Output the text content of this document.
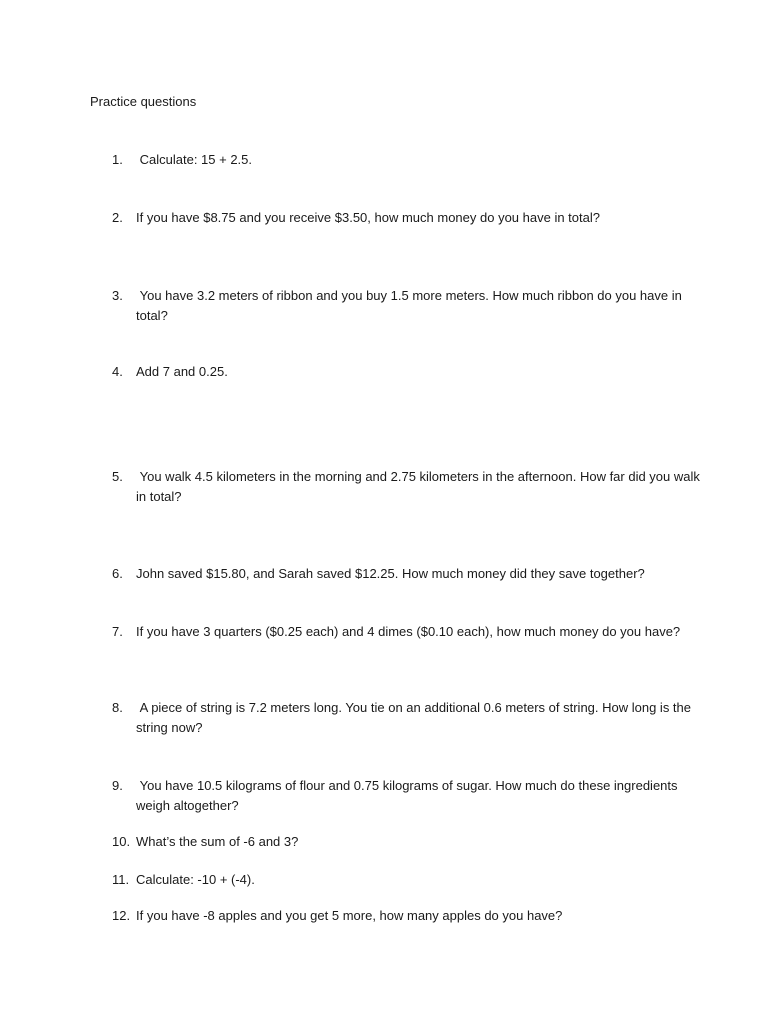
Practice questions
1.	Calculate: 15 + 2.5.
2.	If you have $8.75 and you receive $3.50, how much money do you have in total?
3.	You have 3.2 meters of ribbon and you buy 1.5 more meters. How much ribbon do you have in total?
4.	Add 7 and 0.25.
5.	You walk 4.5 kilometers in the morning and 2.75 kilometers in the afternoon. How far did you walk in total?
6.	John saved $15.80, and Sarah saved $12.25. How much money did they save together?
7.	If you have 3 quarters ($0.25 each) and 4 dimes ($0.10 each), how much money do you have?
8.	A piece of string is 7.2 meters long. You tie on an additional 0.6 meters of string. How long is the string now?
9.	You have 10.5 kilograms of flour and 0.75 kilograms of sugar. How much do these ingredients weigh altogether?
10. What’s the sum of -6 and 3?
11. Calculate: -10 + (-4).
12. If you have -8 apples and you get 5 more, how many apples do you have?
